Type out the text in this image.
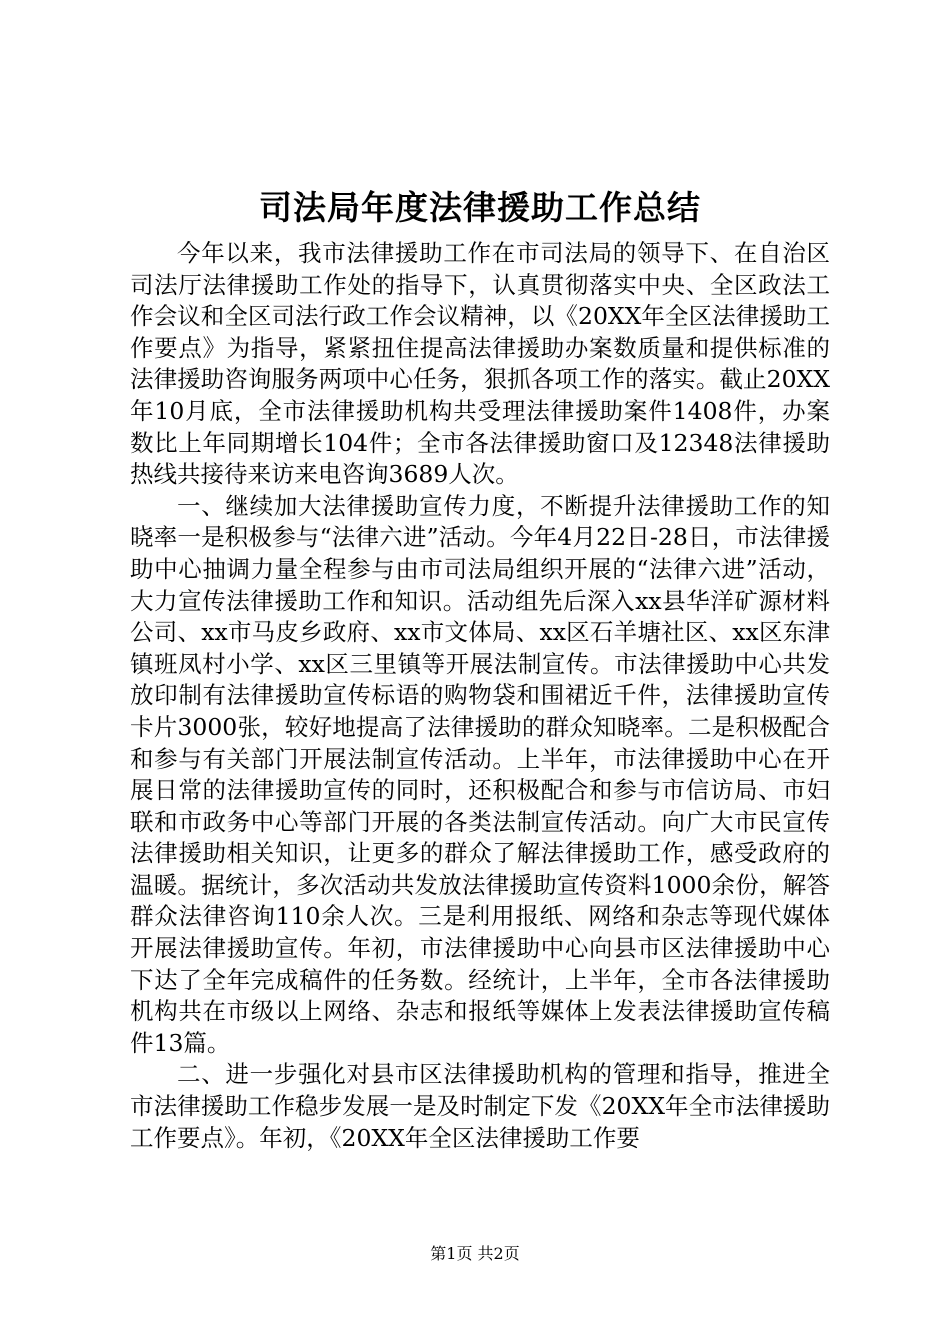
司法局年度法律援助工作总结

今年以来，我市法律援助工作在市司法局的领导下、在自治区司法厅法律援助工作处的指导下，认真贯彻落实中央、全区政法工作会议和全区司法行政工作会议精神，以《20XX年全区法律援助工作要点》为指导，紧紧扭住提高法律援助办案数质量和提供标准的法律援助咨询服务两项中心任务，狠抓各项工作的落实。截止20XX年10月底，全市法律援助机构共受理法律援助案件1408件，办案数比上年同期增长104件；全市各法律援助窗口及12348法律援助热线共接待来访来电咨询3689人次。

一、继续加大法律援助宣传力度，不断提升法律援助工作的知晓率一是积极参与“法律六进”活动。今年4月22日-28日，市法律援助中心抽调力量全程参与由市司法局组织开展的“法律六进”活动，大力宣传法律援助工作和知识。活动组先后深入xx县华洋矿源材料公司、xx市马皮乡政府、xx市文体局、xx区石羊塘社区、xx区东津镇班凤村小学、xx区三里镇等开展法制宣传。市法律援助中心共发放印制有法律援助宣传标语的购物袋和围裙近千件，法律援助宣传卡片3000张，较好地提高了法律援助的群众知晓率。二是积极配合和参与有关部门开展法制宣传活动。上半年，市法律援助中心在开展日常的法律援助宣传的同时，还积极配合和参与市信访局、市妇联和市政务中心等部门开展的各类法制宣传活动。向广大市民宣传法律援助相关知识，让更多的群众了解法律援助工作，感受政府的温暖。据统计，多次活动共发放法律援助宣传资料1000余份，解答群众法律咨询110余人次。三是利用报纸、网络和杂志等现代媒体开展法律援助宣传。年初，市法律援助中心向县市区法律援助中心下达了全年完成稿件的任务数。经统计，上半年，全市各法律援助机构共在市级以上网络、杂志和报纸等媒体上发表法律援助宣传稿件13篇。

二、进一步强化对县市区法律援助机构的管理和指导，推进全市法律援助工作稳步发展一是及时制定下发《20XX年全市法律援助工作要点》。年初，《20XX年全区法律援助工作要

第1页 共2页
